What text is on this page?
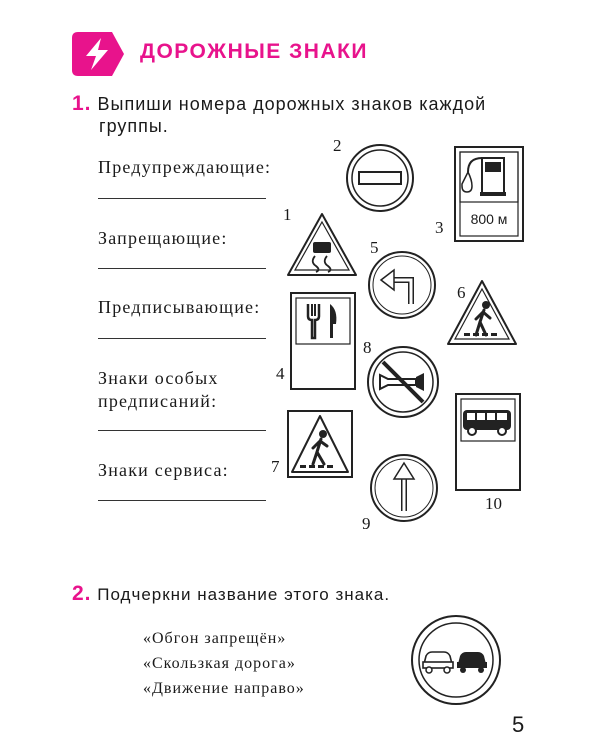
ДОРОЖНЫЕ ЗНАКИ
1. Выпиши номера дорожных знаков каждой
группы.
Предупреждающие:
Запрещающие:
Предписывающие:
Знаки особых
предписаний:
Знаки сервиса:
1
2
3
4
5
6
7
8
9
10
800 м
2. Подчеркни название этого знака.
«Обгон запрещён»
«Скользкая дорога»
«Движение направо»
5
